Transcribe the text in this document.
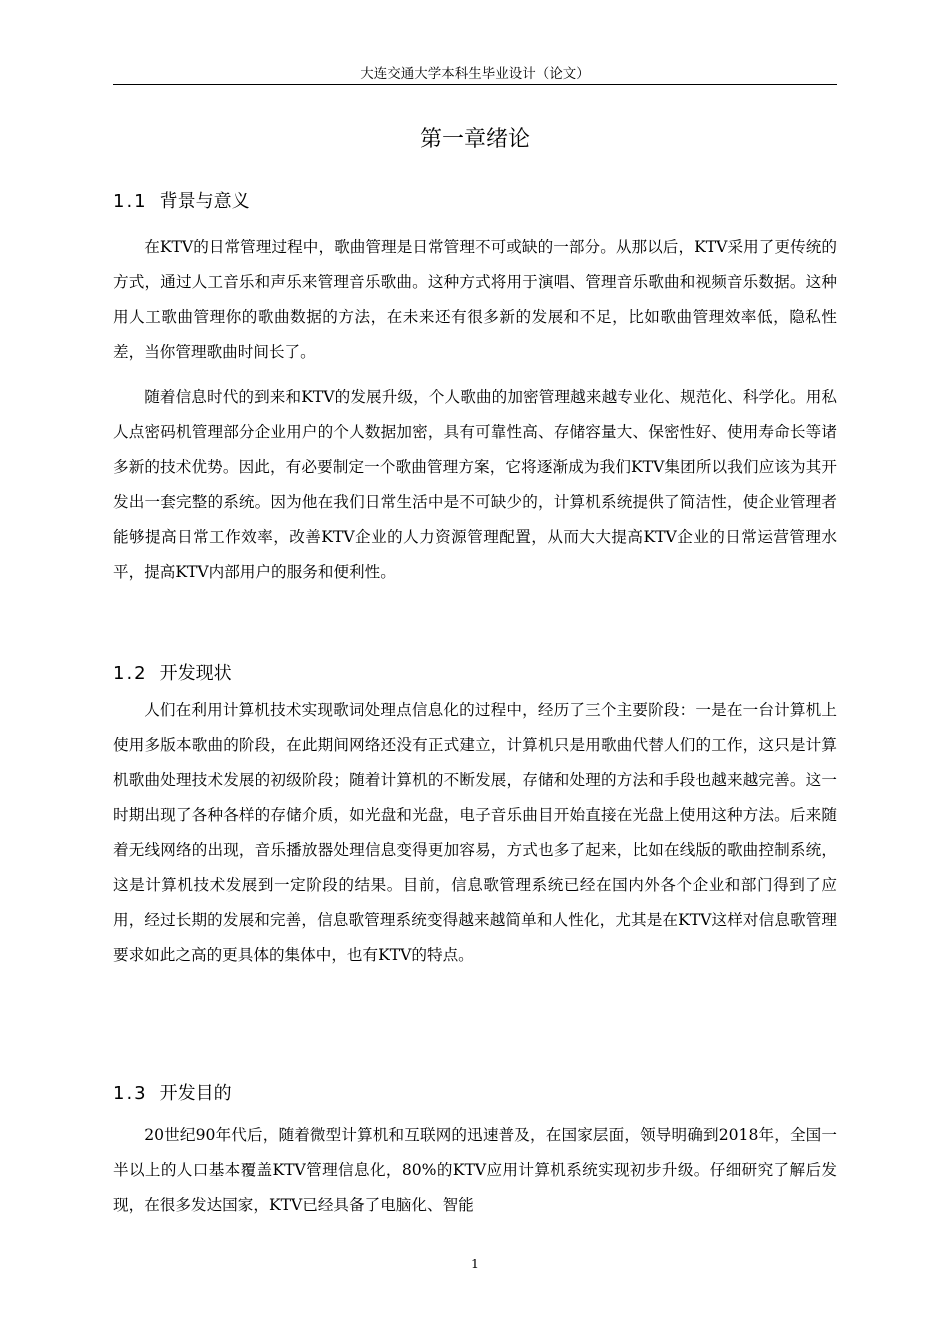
大连交通大学本科生毕业设计（论文）
第一章绪论
1.1 背景与意义

在KTV的日常管理过程中，歌曲管理是日常管理不可或缺的一部分。从那以后，KTV采用了更传统的方式，通过人工音乐和声乐来管理音乐歌曲。这种方式将用于演唱、管理音乐歌曲和视频音乐数据。这种用人工歌曲管理你的歌曲数据的方法，在未来还有很多新的发展和不足，比如歌曲管理效率低，隐私性差，当你管理歌曲时间长了。

随着信息时代的到来和KTV的发展升级，个人歌曲的加密管理越来越专业化、规范化、科学化。用私人点密码机管理部分企业用户的个人数据加密，具有可靠性高、存储容量大、保密性好、使用寿命长等诸多新的技术优势。因此，有必要制定一个歌曲管理方案，它将逐渐成为我们KTV集团所以我们应该为其开发出一套完整的系统。因为他在我们日常生活中是不可缺少的，计算机系统提供了简洁性，使企业管理者能够提高日常工作效率，改善KTV企业的人力资源管理配置，从而大大提高KTV企业的日常运营管理水平，提高KTV内部用户的服务和便利性。

1.2 开发现状

人们在利用计算机技术实现歌词处理点信息化的过程中，经历了三个主要阶段：一是在一台计算机上使用多版本歌曲的阶段，在此期间网络还没有正式建立，计算机只是用歌曲代替人们的工作，这只是计算机歌曲处理技术发展的初级阶段；随着计算机的不断发展，存储和处理的方法和手段也越来越完善。这一时期出现了各种各样的存储介质，如光盘和光盘，电子音乐曲目开始直接在光盘上使用这种方法。后来随着无线网络的出现，音乐播放器处理信息变得更加容易，方式也多了起来，比如在线版的歌曲控制系统，这是计算机技术发展到一定阶段的结果。目前，信息歌管理系统已经在国内外各个企业和部门得到了应用，经过长期的发展和完善，信息歌管理系统变得越来越简单和人性化，尤其是在KTV这样对信息歌管理要求如此之高的更具体的集体中，也有KTV的特点。

1.3 开发目的

20世纪90年代后，随着微型计算机和互联网的迅速普及，在国家层面，领导明确到2018年，全国一半以上的人口基本覆盖KTV管理信息化，80%的KTV应用计算机系统实现初步升级。仔细研究了解后发现，在很多发达国家，KTV已经具备了电脑化、智能

1
